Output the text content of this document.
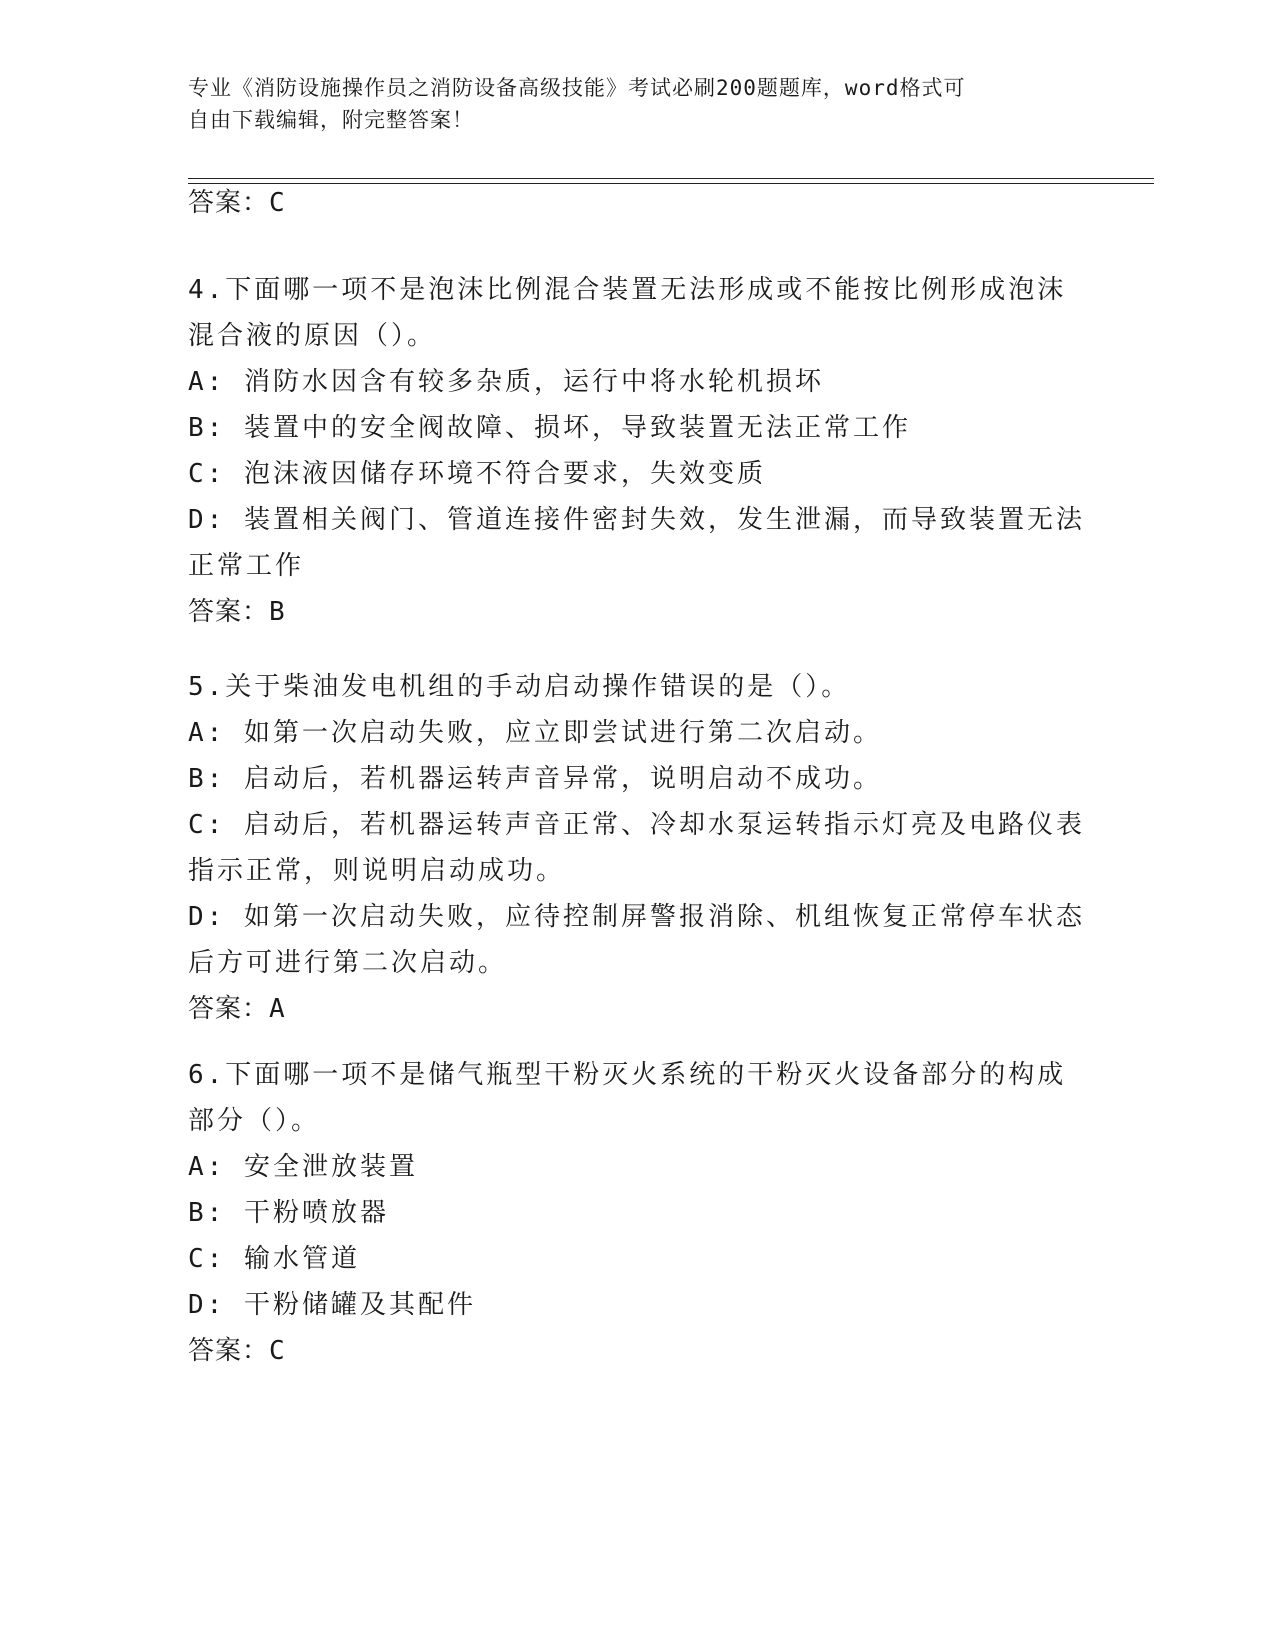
专业《消防设施操作员之消防设备高级技能》考试必刷200题题库，word格式可
自由下载编辑，附完整答案！
答案：C
4.下面哪一项不是泡沫比例混合装置无法形成或不能按比例形成泡沫
混合液的原因（）。
A: 消防水因含有较多杂质，运行中将水轮机损坏
B: 装置中的安全阀故障、损坏，导致装置无法正常工作
C: 泡沫液因储存环境不符合要求，失效变质
D: 装置相关阀门、管道连接件密封失效，发生泄漏，而导致装置无法
正常工作
答案：B
5.关于柴油发电机组的手动启动操作错误的是（）。
A: 如第一次启动失败，应立即尝试进行第二次启动。
B: 启动后，若机器运转声音异常，说明启动不成功。
C: 启动后，若机器运转声音正常、冷却水泵运转指示灯亮及电路仪表
指示正常，则说明启动成功。
D: 如第一次启动失败，应待控制屏警报消除、机组恢复正常停车状态
后方可进行第二次启动。
答案：A
6.下面哪一项不是储气瓶型干粉灭火系统的干粉灭火设备部分的构成
部分（）。
A: 安全泄放装置
B: 干粉喷放器
C: 输水管道
D: 干粉储罐及其配件
答案：C
